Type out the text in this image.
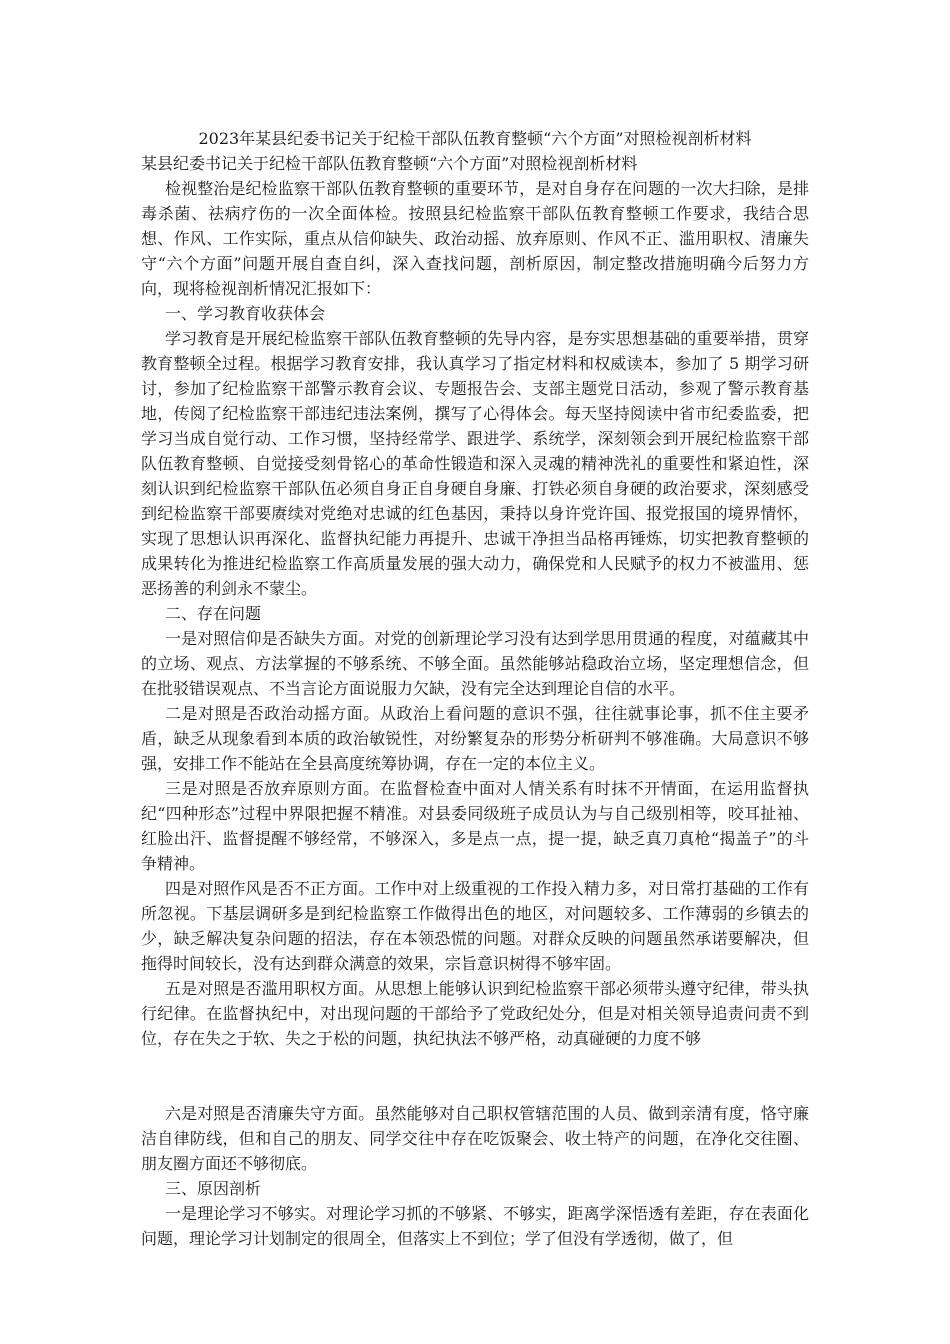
2023年某县纪委书记关于纪检干部队伍教育整顿“六个方面”对照检视剖析材料

某县纪委书记关于纪检干部队伍教育整顿“六个方面”对照检视剖析材料

检视整治是纪检监察干部队伍教育整顿的重要环节，是对自身存在问题的一次大扫除，是排毒杀菌、祛病疗伤的一次全面体检。按照县纪检监察干部队伍教育整顿工作要求，我结合思想、作风、工作实际，重点从信仰缺失、政治动摇、放弃原则、作风不正、滥用职权、清廉失守“六个方面”问题开展自查自纠，深入查找问题，剖析原因，制定整改措施明确今后努力方向，现将检视剖析情况汇报如下：

一、学习教育收获体会

学习教育是开展纪检监察干部队伍教育整顿的先导内容，是夯实思想基础的重要举措，贯穿教育整顿全过程。根据学习教育安排，我认真学习了指定材料和权威读本，参加了 5 期学习研讨，参加了纪检监察干部警示教育会议、专题报告会、支部主题党日活动，参观了警示教育基地，传阅了纪检监察干部违纪违法案例，撰写了心得体会。每天坚持阅读中省市纪委监委，把学习当成自觉行动、工作习惯，坚持经常学、跟进学、系统学，深刻领会到开展纪检监察干部队伍教育整顿、自觉接受刻骨铭心的革命性锻造和深入灵魂的精神洗礼的重要性和紧迫性，深刻认识到纪检监察干部队伍必须自身正自身硬自身廉、打铁必须自身硬的政治要求，深刻感受到纪检监察干部要赓续对党绝对忠诚的红色基因，秉持以身许党许国、报党报国的境界情怀，实现了思想认识再深化、监督执纪能力再提升、忠诚干净担当品格再锤炼，切实把教育整顿的成果转化为推进纪检监察工作高质量发展的强大动力，确保党和人民赋予的权力不被滥用、惩恶扬善的利剑永不蒙尘。

二、存在问题

一是对照信仰是否缺失方面。对党的创新理论学习没有达到学思用贯通的程度，对蕴藏其中的立场、观点、方法掌握的不够系统、不够全面。虽然能够站稳政治立场，坚定理想信念，但在批驳错误观点、不当言论方面说服力欠缺，没有完全达到理论自信的水平。

二是对照是否政治动摇方面。从政治上看问题的意识不强，往往就事论事，抓不住主要矛盾，缺乏从现象看到本质的政治敏锐性，对纷繁复杂的形势分析研判不够准确。大局意识不够强，安排工作不能站在全县高度统筹协调，存在一定的本位主义。

三是对照是否放弃原则方面。在监督检查中面对人情关系有时抹不开情面，在运用监督执纪“四种形态”过程中界限把握不精准。对县委同级班子成员认为与自己级别相等，咬耳扯袖、红脸出汗、监督提醒不够经常，不够深入，多是点一点，提一提，缺乏真刀真枪“揭盖子”的斗争精神。

四是对照作风是否不正方面。工作中对上级重视的工作投入精力多，对日常打基础的工作有所忽视。下基层调研多是到纪检监察工作做得出色的地区，对问题较多、工作薄弱的乡镇去的少，缺乏解决复杂问题的招法，存在本领恐慌的问题。对群众反映的问题虽然承诺要解决，但拖得时间较长，没有达到群众满意的效果，宗旨意识树得不够牢固。

五是对照是否滥用职权方面。从思想上能够认识到纪检监察干部必须带头遵守纪律，带头执行纪律。在监督执纪中，对出现问题的干部给予了党政纪处分，但是对相关领导追责问责不到位，存在失之于软、失之于松的问题，执纪执法不够严格，动真碰硬的力度不够

六是对照是否清廉失守方面。虽然能够对自己职权管辖范围的人员、做到亲清有度，恪守廉洁自律防线，但和自己的朋友、同学交往中存在吃饭聚会、收土特产的问题，在净化交往圈、朋友圈方面还不够彻底。

三、原因剖析

一是理论学习不够实。对理论学习抓的不够紧、不够实，距离学深悟透有差距，存在表面化问题，理论学习计划制定的很周全，但落实上不到位；学了但没有学透彻，做了，但
